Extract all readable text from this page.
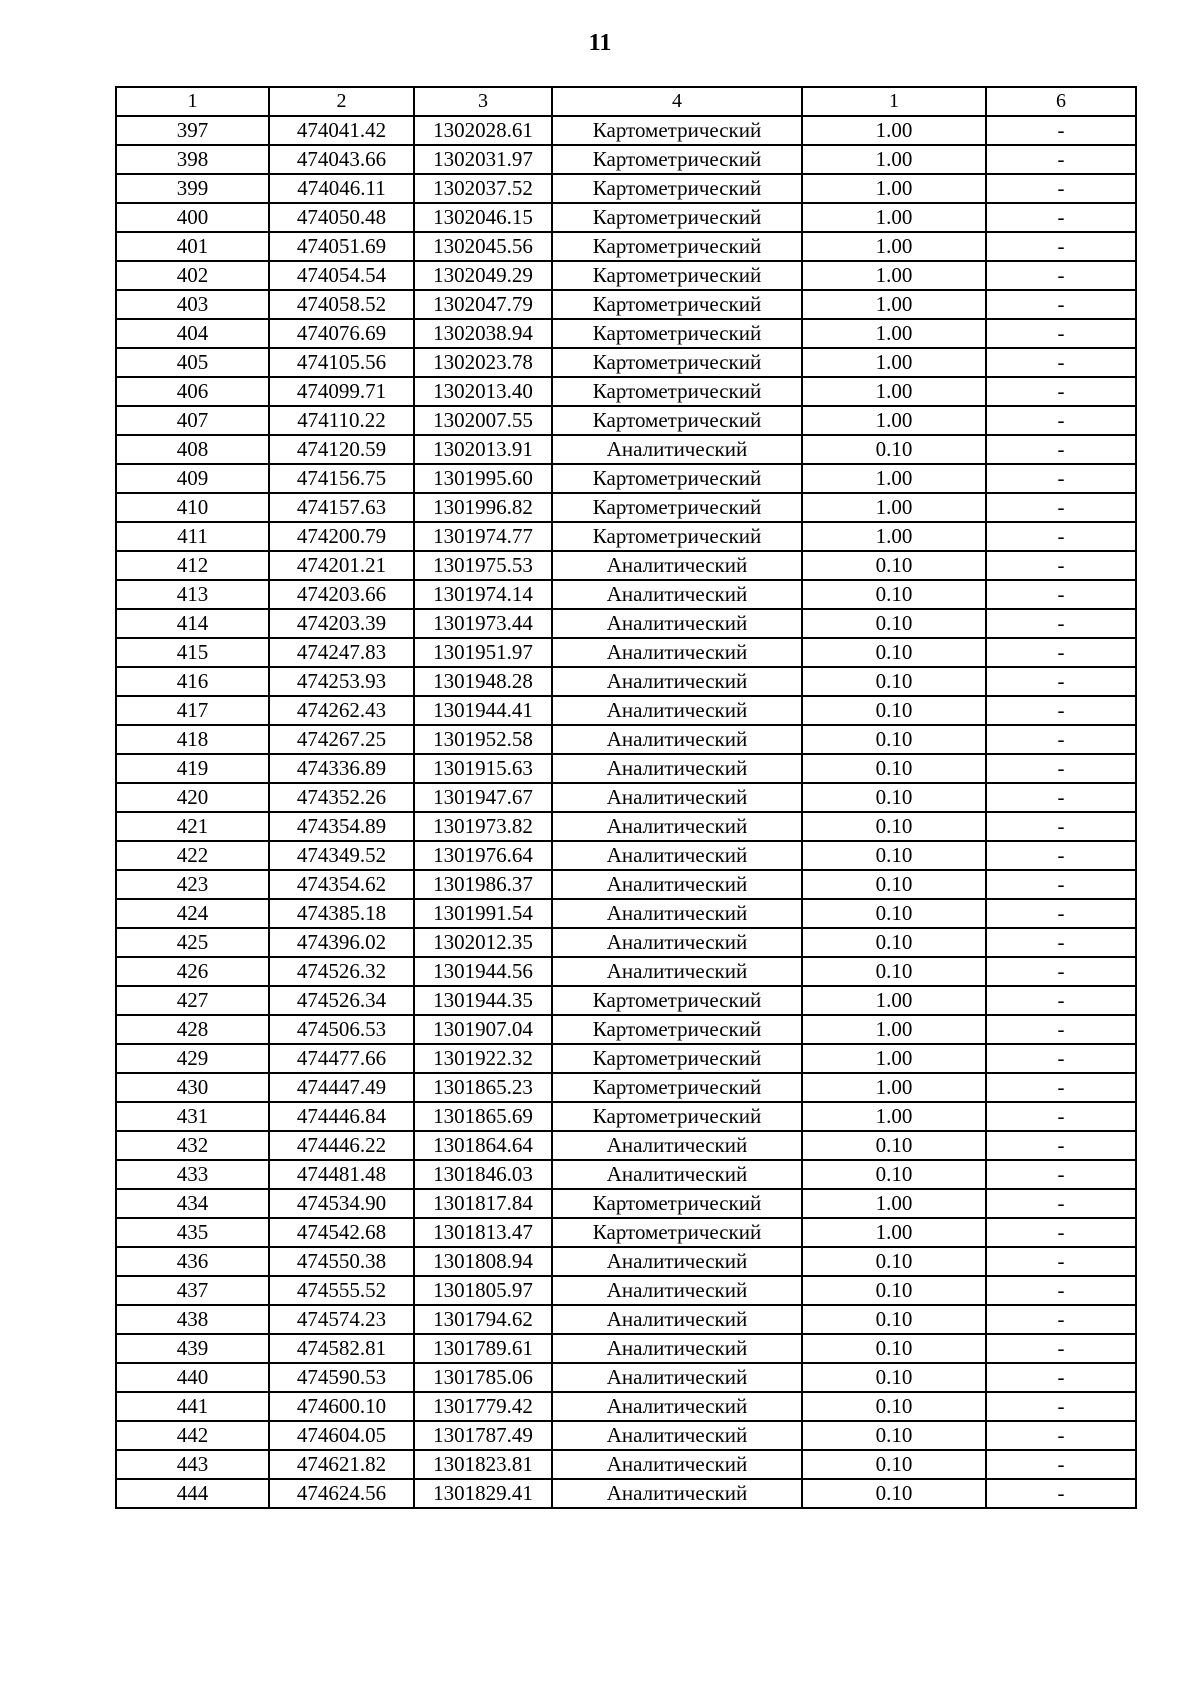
11
1	2	3	4	1	6
397	474041.42	1302028.61	Картометрический	1.00	-
398	474043.66	1302031.97	Картометрический	1.00	-
399	474046.11	1302037.52	Картометрический	1.00	-
400	474050.48	1302046.15	Картометрический	1.00	-
401	474051.69	1302045.56	Картометрический	1.00	-
402	474054.54	1302049.29	Картометрический	1.00	-
403	474058.52	1302047.79	Картометрический	1.00	-
404	474076.69	1302038.94	Картометрический	1.00	-
405	474105.56	1302023.78	Картометрический	1.00	-
406	474099.71	1302013.40	Картометрический	1.00	-
407	474110.22	1302007.55	Картометрический	1.00	-
408	474120.59	1302013.91	Аналитический	0.10	-
409	474156.75	1301995.60	Картометрический	1.00	-
410	474157.63	1301996.82	Картометрический	1.00	-
411	474200.79	1301974.77	Картометрический	1.00	-
412	474201.21	1301975.53	Аналитический	0.10	-
413	474203.66	1301974.14	Аналитический	0.10	-
414	474203.39	1301973.44	Аналитический	0.10	-
415	474247.83	1301951.97	Аналитический	0.10	-
416	474253.93	1301948.28	Аналитический	0.10	-
417	474262.43	1301944.41	Аналитический	0.10	-
418	474267.25	1301952.58	Аналитический	0.10	-
419	474336.89	1301915.63	Аналитический	0.10	-
420	474352.26	1301947.67	Аналитический	0.10	-
421	474354.89	1301973.82	Аналитический	0.10	-
422	474349.52	1301976.64	Аналитический	0.10	-
423	474354.62	1301986.37	Аналитический	0.10	-
424	474385.18	1301991.54	Аналитический	0.10	-
425	474396.02	1302012.35	Аналитический	0.10	-
426	474526.32	1301944.56	Аналитический	0.10	-
427	474526.34	1301944.35	Картометрический	1.00	-
428	474506.53	1301907.04	Картометрический	1.00	-
429	474477.66	1301922.32	Картометрический	1.00	-
430	474447.49	1301865.23	Картометрический	1.00	-
431	474446.84	1301865.69	Картометрический	1.00	-
432	474446.22	1301864.64	Аналитический	0.10	-
433	474481.48	1301846.03	Аналитический	0.10	-
434	474534.90	1301817.84	Картометрический	1.00	-
435	474542.68	1301813.47	Картометрический	1.00	-
436	474550.38	1301808.94	Аналитический	0.10	-
437	474555.52	1301805.97	Аналитический	0.10	-
438	474574.23	1301794.62	Аналитический	0.10	-
439	474582.81	1301789.61	Аналитический	0.10	-
440	474590.53	1301785.06	Аналитический	0.10	-
441	474600.10	1301779.42	Аналитический	0.10	-
442	474604.05	1301787.49	Аналитический	0.10	-
443	474621.82	1301823.81	Аналитический	0.10	-
444	474624.56	1301829.41	Аналитический	0.10	-
